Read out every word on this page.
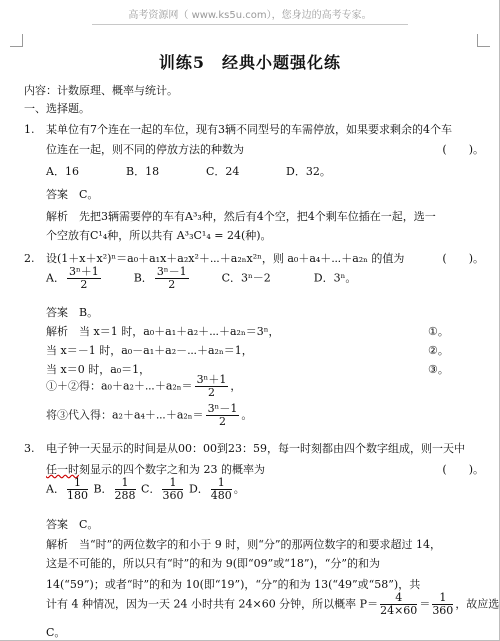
高考资源网（ www.ks5u.com），您身边的高考专家。
训练5　经典小题强化练
内容：计数原理、概率与统计。
一、选择题。
1. 某单位有7个连在一起的车位，现有3辆不同型号的车需停放，如果要求剩余的4个车
位连在一起，则不同的停放方法的种数为	(　　)。
A．16	B．18	C．24	D．32。
答案　C。
解析　先把3辆需要停的车有A³₃种，然后有4个空，把4个剩车位插在一起，选一
个空放有C¹₄种，所以共有 A³₃C¹₄ = 24(种)。
2. 设(1＋x＋x²)ⁿ＝a₀＋a₁x＋a₂x²＋⋯＋a₂ₙx²ⁿ，则 a₀＋a₄＋⋯＋a₂ₙ 的值为	(　　)。
A． $\frac{\text{3ⁿ＋1}}{2}$	B． $\frac{\text{3ⁿ－1}}{2}$	C．3ⁿ－2	D．3ⁿ。
答案　B。
解析　当 x＝1 时，a₀＋a₁＋a₂＋⋯＋a₂ₙ＝3ⁿ，	①。
当 x＝－1 时，a₀－a₁＋a₂－⋯＋a₂ₙ＝1，	②。
当 x＝0 时，a₀＝1，	③。
①＋②得：a₀＋a₂＋⋯＋a₂ₙ＝ $\frac{\text{3ⁿ＋1}}{2}$ ，
将③代入得：a₂＋a₄＋⋯＋a₂ₙ＝ $\frac{\text{3ⁿ－1}}{2}$ 。
3. 电子钟一天显示的时间是从00：00到23：59，每一时刻都由四个数字组成，则一天中
任一时刻显示的四个数字之和为 23 的概率为	(　　)。
A． $\frac{1}{180}$ B． $\frac{1}{288}$ C． $\frac{1}{360}$ D． $\frac{1}{480}$ 。
答案　C。
解析　当“时”的两位数字的和小于 9 时，则“分”的那两位数字的和要求超过 14，
这是不可能的，所以只有“时”的和为 9(即“09”或“18”)，“分”的和为
14(“59”)；或者“时”的和为 10(即“19”)，“分”的和为 13(“49”或“58”)，共
计有 4 种情况，因为一天 24 小时共有 24×60 分钟，所以概率 $P= \frac{4}{24\times 60} = \frac{1}{360}$ ，故应选
C。
